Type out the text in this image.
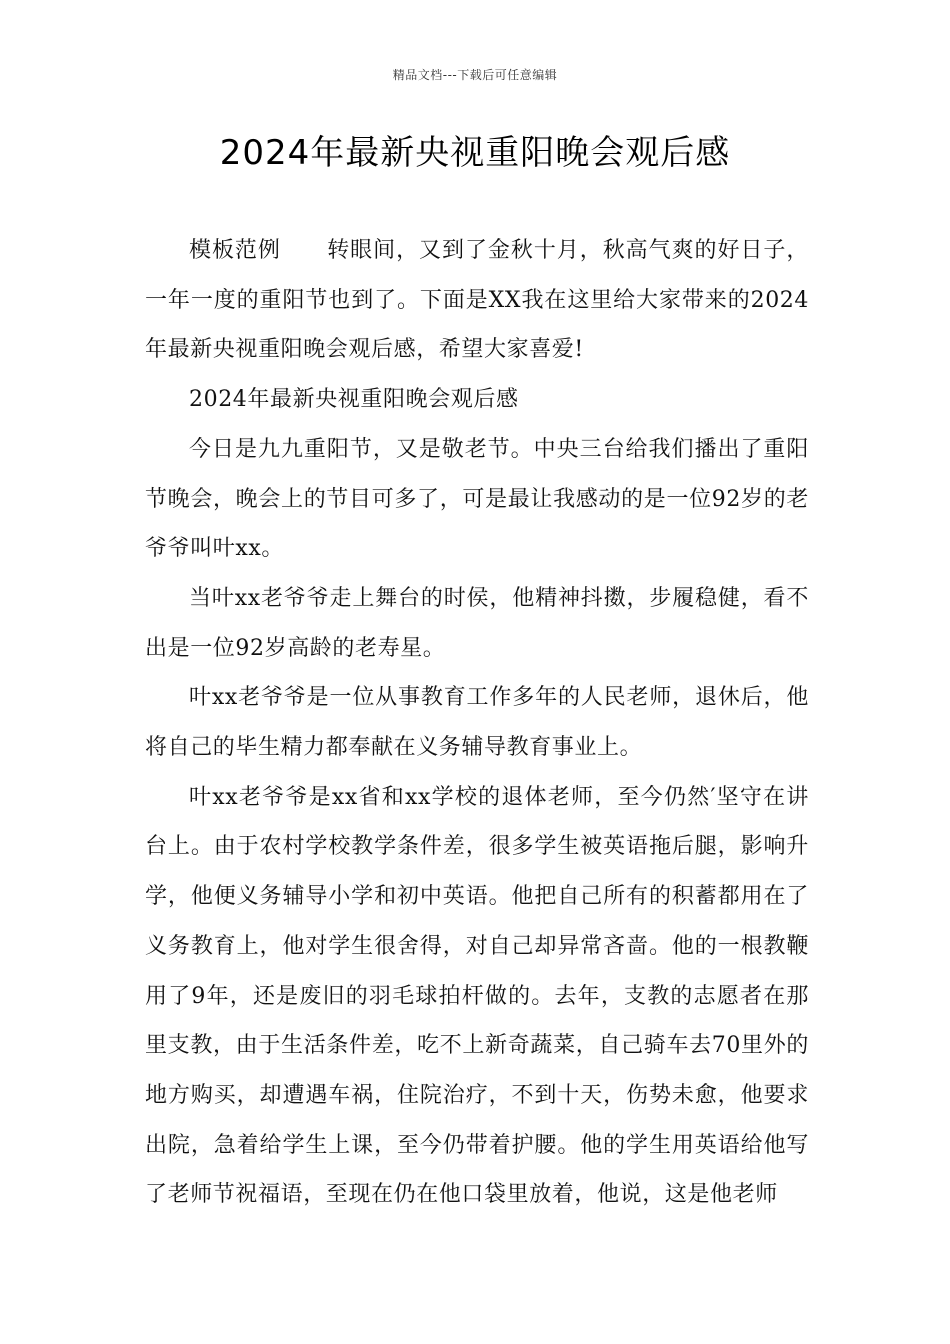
精品文档---下载后可任意编辑
2024年最新央视重阳晚会观后感

模板范例 转眼间，又到了金秋十月，秋高气爽的好日子，一年一度的重阳节也到了。下面是XX我在这里给大家带来的2024年最新央视重阳晚会观后感，希望大家喜爱!

2024年最新央视重阳晚会观后感

今日是九九重阳节，又是敬老节。中央三台给我们播出了重阳节晚会，晚会上的节目可多了，可是最让我感动的是一位92岁的老爷爷叫叶xx。

当叶xx老爷爷走上舞台的时侯，他精神抖擞，步履稳健，看不出是一位92岁高龄的老寿星。

叶xx老爷爷是一位从事教育工作多年的人民老师，退休后，他将自己的毕生精力都奉献在义务辅导教育事业上。

叶xx老爷爷是xx省和xx学校的退体老师，至今仍然′坚守在讲台上。由于农村学校教学条件差，很多学生被英语拖后腿，影响升学，他便义务辅导小学和初中英语。他把自己所有的积蓄都用在了义务教育上，他对学生很舍得，对自己却异常吝啬。他的一根教鞭用了9年，还是废旧的羽毛球拍杆做的。去年，支教的志愿者在那里支教，由于生活条件差，吃不上新奇蔬菜，自己骑车去70里外的地方购买，却遭遇车祸，住院治疗，不到十天，伤势未愈，他要求出院，急着给学生上课，至今仍带着护腰。他的学生用英语给他写了老师节祝福语，至现在仍在他口袋里放着，他说，这是他老师
